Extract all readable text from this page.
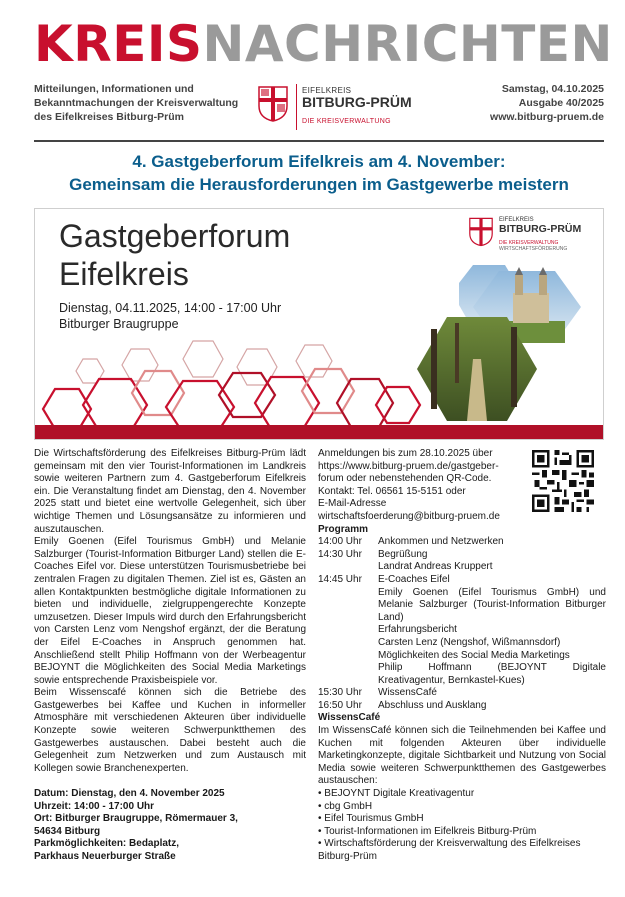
KREISNACHRICHTEN
Mitteilungen, Informationen und
Bekanntmachungen der Kreisverwaltung
des Eifelkreises Bitburg-Prüm
EIFELKREIS
BITBURG-PRÜM
DIE KREISVERWALTUNG
Samstag, 04.10.2025
Ausgabe 40/2025
www.bitburg-pruem.de
4. Gastgeberforum Eifelkreis am 4. November:
Gemeinsam die Herausforderungen im Gastgewerbe meistern
Gastgeberforum
Eifelkreis
Dienstag, 04.11.2025, 14:00 - 17:00 Uhr
Bitburger Braugruppe
EIFELKREIS
BITBURG-PRÜM
DIE KREISVERWALTUNG
WIRTSCHAFTSFÖRDERUNG

Die Wirtschaftsförderung des Eifelkreises Bitburg-Prüm lädt gemeinsam mit den vier Tourist-Informationen im Landkreis sowie weiteren Partnern zum 4. Gastgeberforum Eifelkreis ein. Die Veranstaltung findet am Dienstag, den 4. November 2025 statt und bietet eine wertvolle Gelegenheit, sich über wichtige Themen und Lösungsansätze zu informieren und auszutauschen.

Emily Goenen (Eifel Tourismus GmbH) und Melanie Salzburger (Tourist-Information Bitburger Land) stellen die E-Coaches Eifel vor. Diese unterstützen Tourismusbetriebe bei zentralen Fragen zu digitalen Themen. Ziel ist es, Gästen an allen Kontaktpunkten bestmögliche digitale Informationen zu bieten und individuelle, zielgruppengerechte Konzepte umzusetzen. Dieser Impuls wird durch den Erfahrungsbericht von Carsten Lenz vom Nengshof ergänzt, der die Beratung der Eifel E-Coaches in Anspruch genommen hat. Anschließend stellt Philip Hoffmann von der Werbeagentur BEJOYNT die Möglichkeiten des Social Media Marketings sowie entsprechende Praxisbeispiele vor.

Beim Wissenscafé können sich die Betriebe des Gastgewerbes bei Kaffee und Kuchen in informeller Atmosphäre mit verschiedenen Akteuren über individuelle Konzepte sowie weiteren Schwerpunktthemen des Gastgewerbes austauschen. Dabei besteht auch die Gelegenheit zum Netzwerken und zum Austausch mit Kollegen sowie Branchenexperten.

Datum: Dienstag, den 4. November 2025
Uhrzeit: 14:00 - 17:00 Uhr
Ort: Bitburger Braugruppe, Römermauer 3,
54634 Bitburg
Parkmöglichkeiten: Bedaplatz,
Parkhaus Neuerburger Straße
Anmeldungen bis zum 28.10.2025 über
https://www.bitburg-pruem.de/gastgeber-
forum oder nebenstehenden QR-Code.
Kontakt: Tel. 06561 15-5151 oder
E-Mail-Adresse
wirtschaftsfoerderung@bitburg-pruem.de
Programm
14:00 Uhr	Ankommen und Netzwerken
14:30 Uhr	Begrüßung
Landrat Andreas Kruppert
14:45 Uhr	E-Coaches Eifel
Emily Goenen (Eifel Tourismus GmbH) und Melanie Salzburger (Tourist-Information Bitburger Land)
Erfahrungsbericht
Carsten Lenz (Nengshof, Wißmannsdorf)
Möglichkeiten des Social Media Marketings
Philip Hoffmann (BEJOYNT Digitale Kreativagentur, Bernkastel-Kues)
15:30 Uhr	WissensCafé
16:50 Uhr	Abschluss und Ausklang
WissensCafé

Im WissensCafé können sich die Teilnehmenden bei Kaffee und Kuchen mit folgenden Akteuren über individuelle Marketingkonzepte, digitale Sichtbarkeit und Nutzung von Social Media sowie weiteren Schwerpunktthemen des Gastgewerbes austauschen:

• BEJOYNT Digitale Kreativagentur
• cbg GmbH
• Eifel Tourismus GmbH
• Tourist-Informationen im Eifelkreis Bitburg-Prüm
• Wirtschaftsförderung der Kreisverwaltung des Eifelkreises Bitburg-Prüm
